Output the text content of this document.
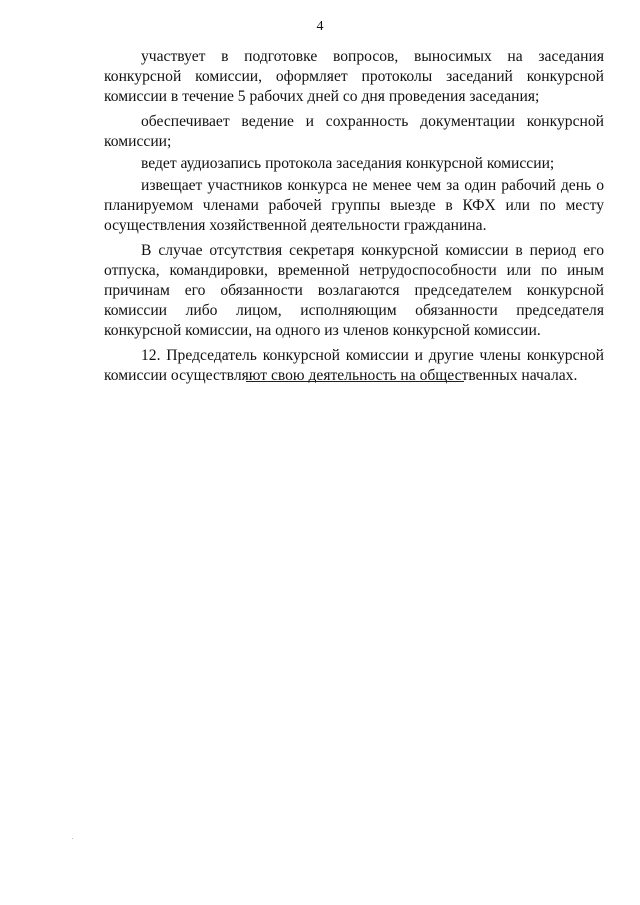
4

участвует в подготовке вопросов, выносимых на заседания конкурсной комиссии, оформляет протоколы заседаний конкурсной комиссии в течение 5 рабочих дней со дня проведения заседания;

обеспечивает ведение и сохранность документации конкурсной комиссии;

ведет аудиозапись протокола заседания конкурсной комиссии;

извещает участников конкурса не менее чем за один рабочий день о планируемом членами рабочей группы выезде в КФХ или по месту осуществления хозяйственной деятельности гражданина.

В случае отсутствия секретаря конкурсной комиссии в период его отпуска, командировки, временной нетрудоспособности или по иным причинам его обязанности возлагаются председателем конкурсной комиссии либо лицом, исполняющим обязанности председателя конкурсной комиссии, на одного из членов конкурсной комиссии.

12. Председатель конкурсной комиссии и другие члены конкурсной комиссии осуществляют свою деятельность на общественных началах.
